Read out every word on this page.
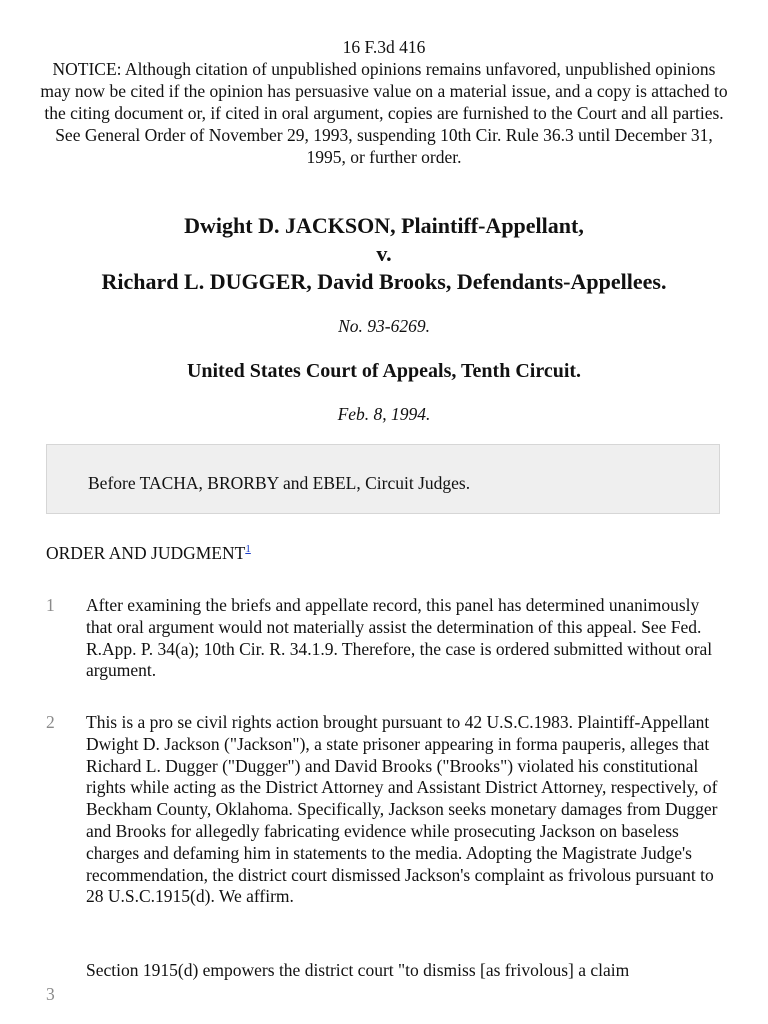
16 F.3d 416
NOTICE: Although citation of unpublished opinions remains unfavored, unpublished opinions may now be cited if the opinion has persuasive value on a material issue, and a copy is attached to the citing document or, if cited in oral argument, copies are furnished to the Court and all parties. See General Order of November 29, 1993, suspending 10th Cir. Rule 36.3 until December 31, 1995, or further order.
Dwight D. JACKSON, Plaintiff-Appellant,
v.
Richard L. DUGGER, David Brooks, Defendants-Appellees.
No. 93-6269.
United States Court of Appeals, Tenth Circuit.
Feb. 8, 1994.
Before TACHA, BRORBY and EBEL, Circuit Judges.
ORDER AND JUDGMENT$^1$
1 After examining the briefs and appellate record, this panel has determined unanimously that oral argument would not materially assist the determination of this appeal. See Fed. R.App. P. 34(a); 10th Cir. R. 34.1.9. Therefore, the case is ordered submitted without oral argument.
2 This is a pro se civil rights action brought pursuant to 42 U.S.C.1983. Plaintiff-Appellant Dwight D. Jackson ("Jackson"), a state prisoner appearing in forma pauperis, alleges that Richard L. Dugger ("Dugger") and David Brooks ("Brooks") violated his constitutional rights while acting as the District Attorney and Assistant District Attorney, respectively, of Beckham County, Oklahoma. Specifically, Jackson seeks monetary damages from Dugger and Brooks for allegedly fabricating evidence while prosecuting Jackson on baseless charges and defaming him in statements to the media. Adopting the Magistrate Judge's recommendation, the district court dismissed Jackson's complaint as frivolous pursuant to 28 U.S.C.1915(d). We affirm.
3
Section 1915(d) empowers the district court "to dismiss [as frivolous] a claim
